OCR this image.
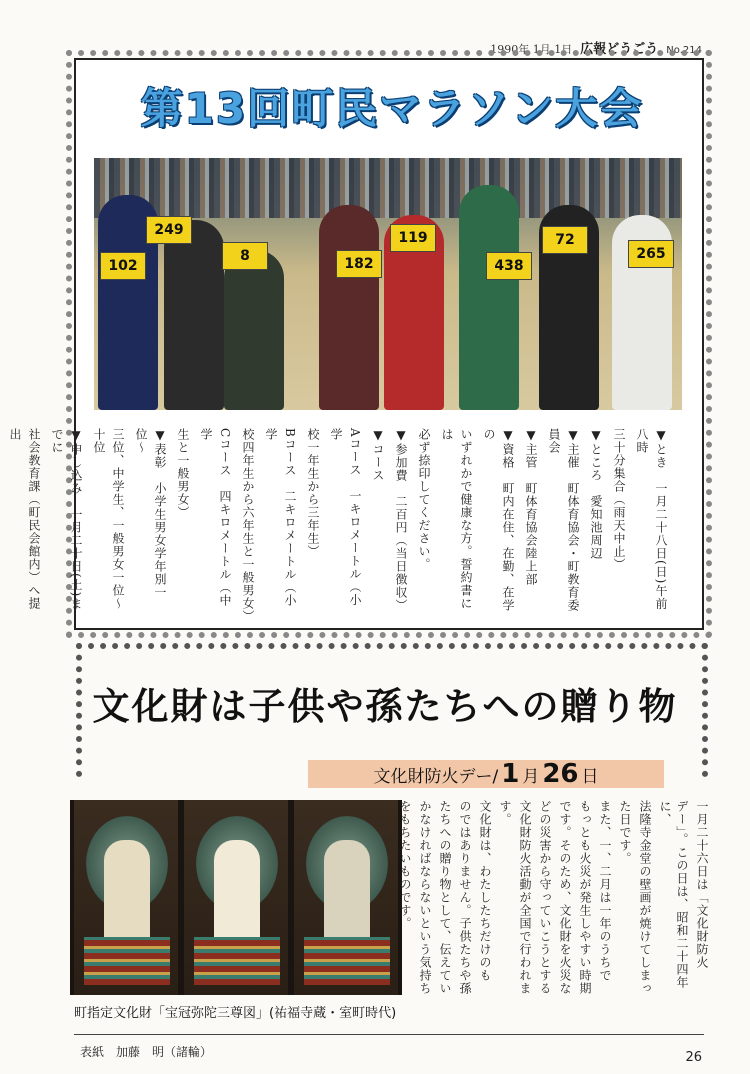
1990年 1月 1日 広報どうごう No.214
第13回町民マラソン大会
102
249
8	182
119
438
72
265
▼とき　一月二十八日(日)午前八時
三十分集合（雨天中止）
▼ところ　愛知池周辺
▼主催　町体育協会・町教育委員会
▼主管　町体育協会陸上部
▼資格　町内在住、在勤、在学の
いずれかで健康な方。誓約書には
必ず捺印してください。
▼参加費　二百円（当日徴収）
▼コース
Aコース　一キロメートル（小学
校一年生から三年生）
Bコース　二キロメートル（小学
校四年生から六年生と一般男女）
Cコース　四キロメートル（中学
生と一般男女）
▼表彰　小学生男女学年別一位〜
三位、中学生、一般男女一位〜十位
▼申し込み　一月二十日(土)までに
社会教育課（町民会館内）へ提出
文化財は子供や孫たちへの贈り物
文化財防火デー/ 1 月 26 日
町指定文化財「宝冠弥陀三尊図」(祐福寺蔵・室町時代)
一月二十六日は「文化財防火
デー」。この日は、昭和二十四年に、
法隆寺金堂の壁画が焼けてしまっ
た日です。
また、一、二月は一年のうちで
もっとも火災が発生しやすい時期
です。そのため、文化財を火災な
どの災害から守っていこうとする
文化財防火活動が全国で行われま
す。
文化財は、わたしたちだけのも
のではありません。子供たちや孫
たちへの贈り物として、伝えてい
かなければならないという気持ち
をもちたいものです。
表紙　加藤　明（諸輪）	26
